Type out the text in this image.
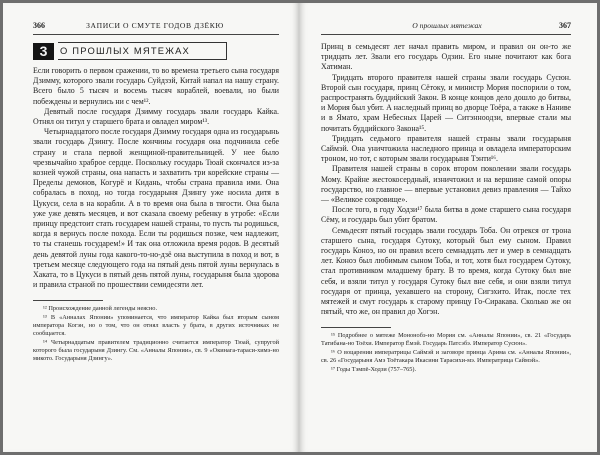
366	ЗАПИСИ О СМУТЕ ГОДОВ ДЗЁКЮ
3	О ПРОШЛЫХ МЯТЕЖАХ

Если говорить о первом сражении, то во времена третьего сына государя Дзимму, которого звали государь Суйдзэй, Китай напал на нашу страну. Всего было 5 тысяч и восемь тысяч кораблей, воевали, но были побеждены и вернулись ни с чем¹².

Девятый после государя Дзимму государь звали государь Кайка. Отнял он титул у старшего брата и овладел миром¹³.

Четырнадцатого после государя Дзимму государя одна из государынь звали государь Дзингу. После кончины государя она подчинила себе страну и стала первой женщиной-правительницей. У нее было чрезвычайно храброе сердце. Поскольку государь Тюай скончался из-за козней чужой страны, она напасть и захватить три корейские страны — Пределы демонов, Когурё и Кидань, чтобы страна правила ими. Она собралась в поход, но тогда государыня Дзингу уже носила дитя в Цукуси, села в на корабли. А в то время она была в тягости. Она была уже уже девять месяцев, и вот сказала своему ребенку в утробе: «Если принцу предстоит стать государем нашей страны, то пусть ты родишься, когда я вернусь после похода. Если ты родишься позже, чем надлежит, то ты станешь государем!» И так она отложила время родов. В десятый день девятой луны года какого-то-но-дзё она выступила в поход и вот, в третьем месяце следующего года на пятый день пятой луны вернулась в Хаката, то в Цукуси в пятый день пятой луны, государыня была здорова и правила страной по прошествии семидесяти лет.

¹² Происхождение данной легенды неясно.

¹³ В «Анналах Японии» упоминается, что император Кайка был вторым сыном императора Когэн, но о том, что он отнял власть у брата, в других источниках не сообщается.

¹⁴ Четырнадцатым правителем традиционно считается император Тюай, супругой которого была государыня Дзингу. См. «Анналы Японии», св. 9 «Окинага-тараси-химэ-но микото. Государыня Дзингу».

О прошлых мятежах	367

Принц в семьдесят лет начал править миром, и правил он он-то же тридцать лет. Звали его государь Одзин. Его ныне почитают как бога Хатиман.

Тридцать второго правителя нашей страны звали государь Сусюн. Второй сын государя, принц Сётоку, и министр Мория поспорили о том, распространять буддийский Закон. В конце концов дело дошло до битвы, и Мория был убит. А наследный принц во дворце Тоёра, а также в Наниве и в Ямато, храм Небесных Царей — Ситэнноодзи, впервые стали мы почитать буддийского Закона¹⁵.

Тридцать седьмого правителя нашей страны звали государыня Саймэй. Она уничтожила наследного принца и овладела императорским троном, но тот, с которым звали государыня Тэнти¹⁶.

Правителя нашей страны в сорок втором поколении звали государь Мому. Крайне жестокосердный, изничтожил и на вершине самой опоры государство, но главное — впервые установил девиз правления — Тайхо — «Великое сокровище».

После того, в году Ходзи¹⁷ была битва в доме старшего сына государя Сёму, и государь был убит братом.

Семьдесят пятый государь звали государь Тоба. Он отрекся от трона старшего сына, государя Сутоку, который был ему сыном. Правил государь Коноэ, но он правил всего семнадцать лет и умер в семнадцать лет. Коноэ был любимым сыном Тоба, и тот, хотя был государем Сутоку, стал противником младшему брату. В то время, когда Сутоку был вне себя, и взяли титул у государя Сутоку был вне себя, и они взяли титул государя от принца, уехавшего на сторону, Сигэхито. Итак, после тех мятежей и смут государь к старому принцу Го-Сиракава. Сколько же он пятый, что же, он правил до Хогэн.

¹⁵ Подробнее о мятеже Мононобэ-но Мория см. «Анналы Японии», св. 21 «Государь Татибана-но Тоёхи. Император Ёмэй. Государь Патсэбэ. Император Сусюн».

¹⁶ О воцарении императрицы Саймэй и заговоре принца Арима см. «Анналы Японии», св. 26 «Государыня Амэ Тоётакара Икасини Тарасихи-мэ. Императрица Саймэй».

¹⁷ Годы Тэмпё-Ходзи (757–765).
